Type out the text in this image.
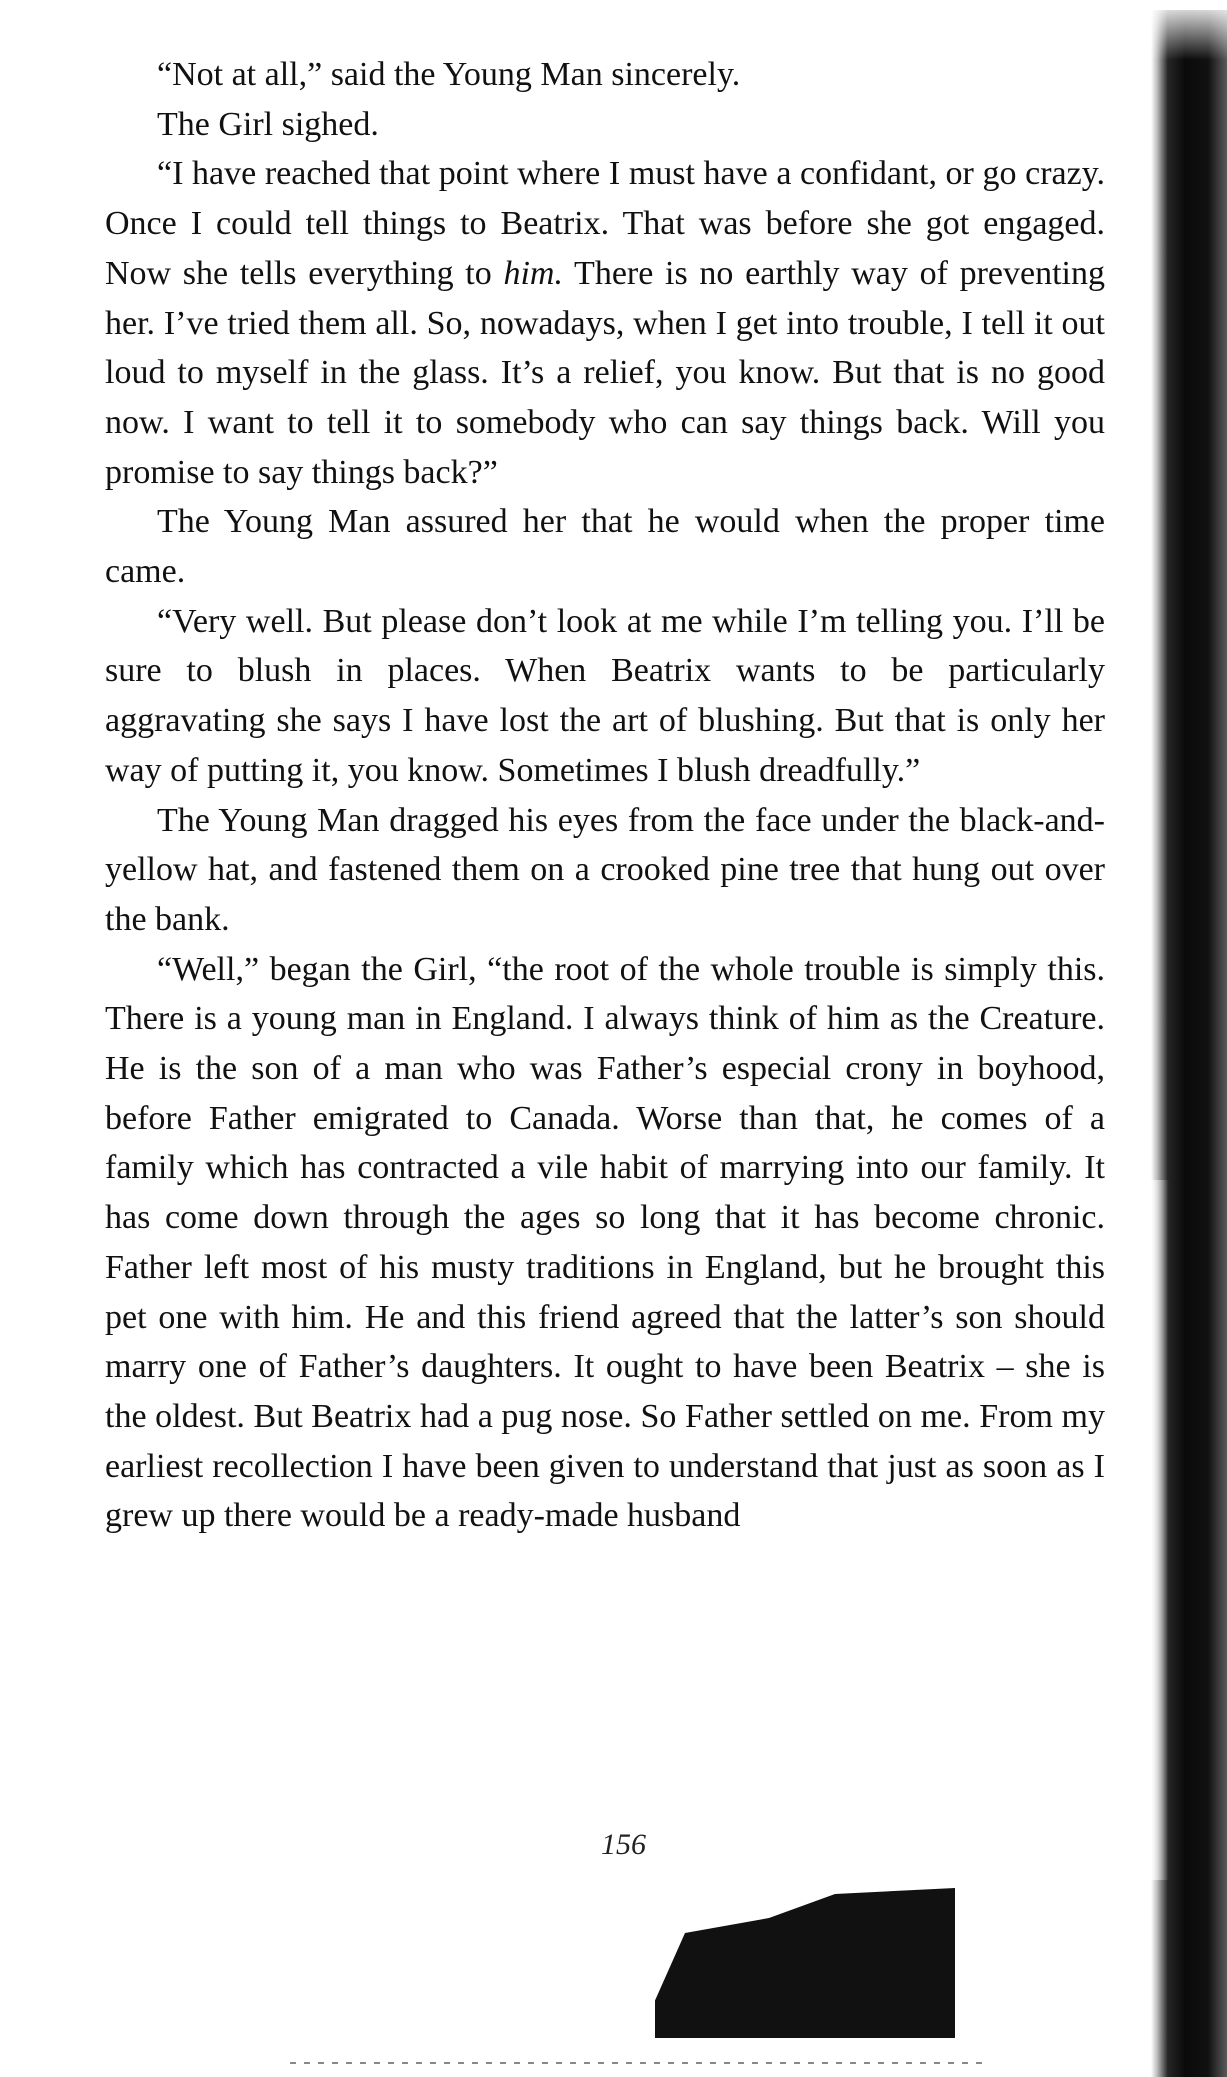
“Not at all,” said the Young Man sincerely.

The Girl sighed.

“I have reached that point where I must have a confidant, or go crazy. Once I could tell things to Beatrix. That was before she got engaged. Now she tells everything to him. There is no earthly way of preventing her. I’ve tried them all. So, nowadays, when I get into trouble, I tell it out loud to myself in the glass. It’s a relief, you know. But that is no good now. I want to tell it to somebody who can say things back. Will you promise to say things back?”

The Young Man assured her that he would when the proper time came.

“Very well. But please don’t look at me while I’m telling you. I’ll be sure to blush in places. When Beatrix wants to be particularly aggravating she says I have lost the art of blushing. But that is only her way of putting it, you know. Sometimes I blush dreadfully.”

The Young Man dragged his eyes from the face under the black-and-yellow hat, and fastened them on a crooked pine tree that hung out over the bank.

“Well,” began the Girl, “the root of the whole trouble is simply this. There is a young man in England. I always think of him as the Creature. He is the son of a man who was Father’s especial crony in boyhood, before Father emigrated to Canada. Worse than that, he comes of a family which has contracted a vile habit of marrying into our family. It has come down through the ages so long that it has become chronic. Father left most of his musty traditions in England, but he brought this pet one with him. He and this friend agreed that the latter’s son should marry one of Father’s daughters. It ought to have been Beatrix – she is the oldest. But Beatrix had a pug nose. So Father settled on me. From my earliest recollection I have been given to understand that just as soon as I grew up there would be a ready-made husband

156
